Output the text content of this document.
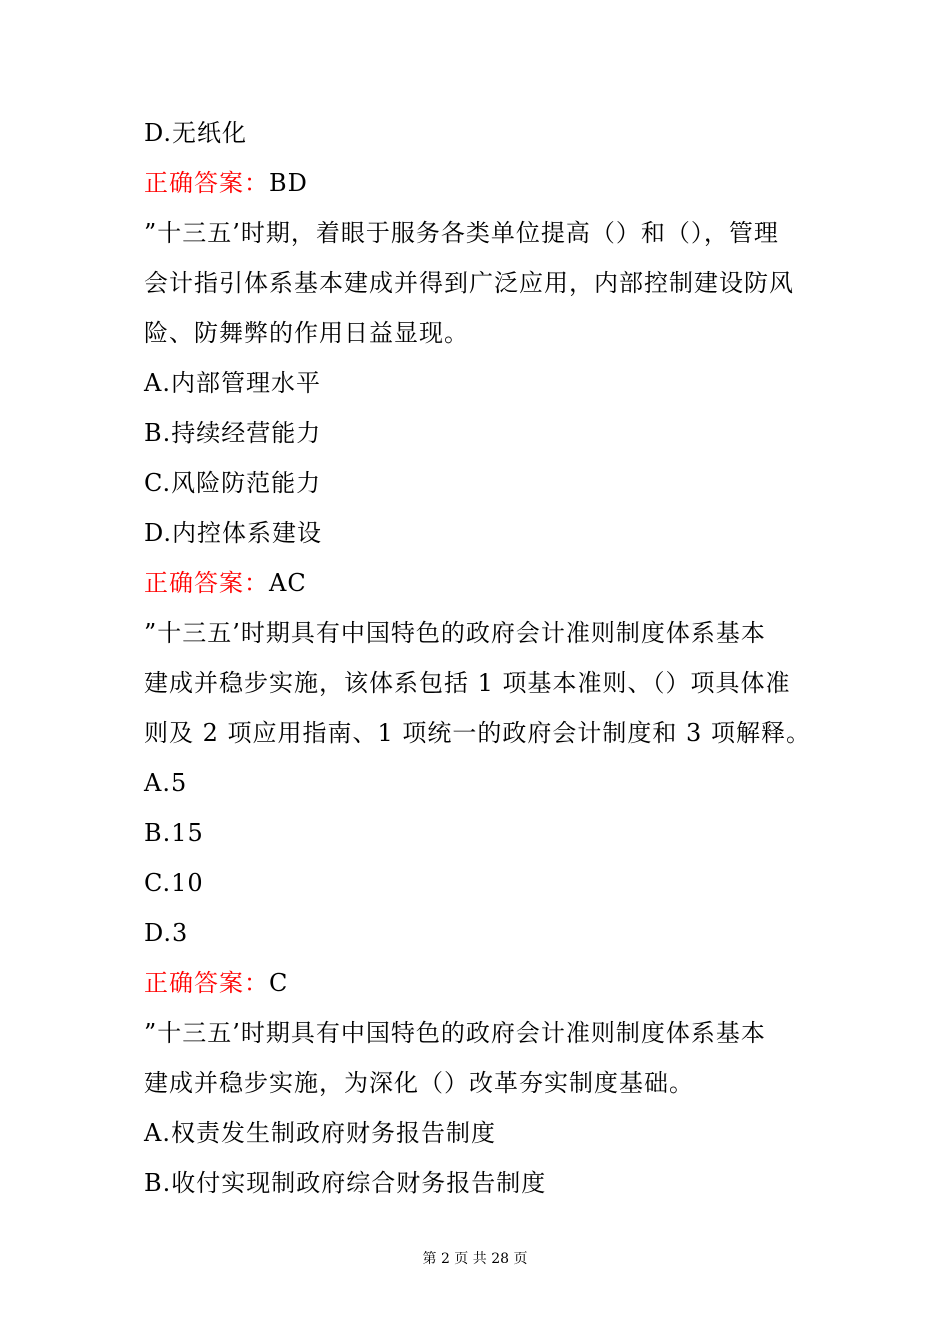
D.无纸化
正确答案：BD
”十三五’时期，着眼于服务各类单位提高（）和（），管理
会计指引体系基本建成并得到广泛应用，内部控制建设防风
险、防舞弊的作用日益显现。
A.内部管理水平
B.持续经营能力
C.风险防范能力
D.内控体系建设
正确答案：AC
”十三五’时期具有中国特色的政府会计准则制度体系基本
建成并稳步实施，该体系包括 1 项基本准则、（）项具体准
则及 2 项应用指南、1 项统一的政府会计制度和 3 项解释。
A.5
B.15
C.10
D.3
正确答案：C
”十三五’时期具有中国特色的政府会计准则制度体系基本
建成并稳步实施，为深化（）改革夯实制度基础。
A.权责发生制政府财务报告制度
B.收付实现制政府综合财务报告制度
第 2 页 共 28 页
